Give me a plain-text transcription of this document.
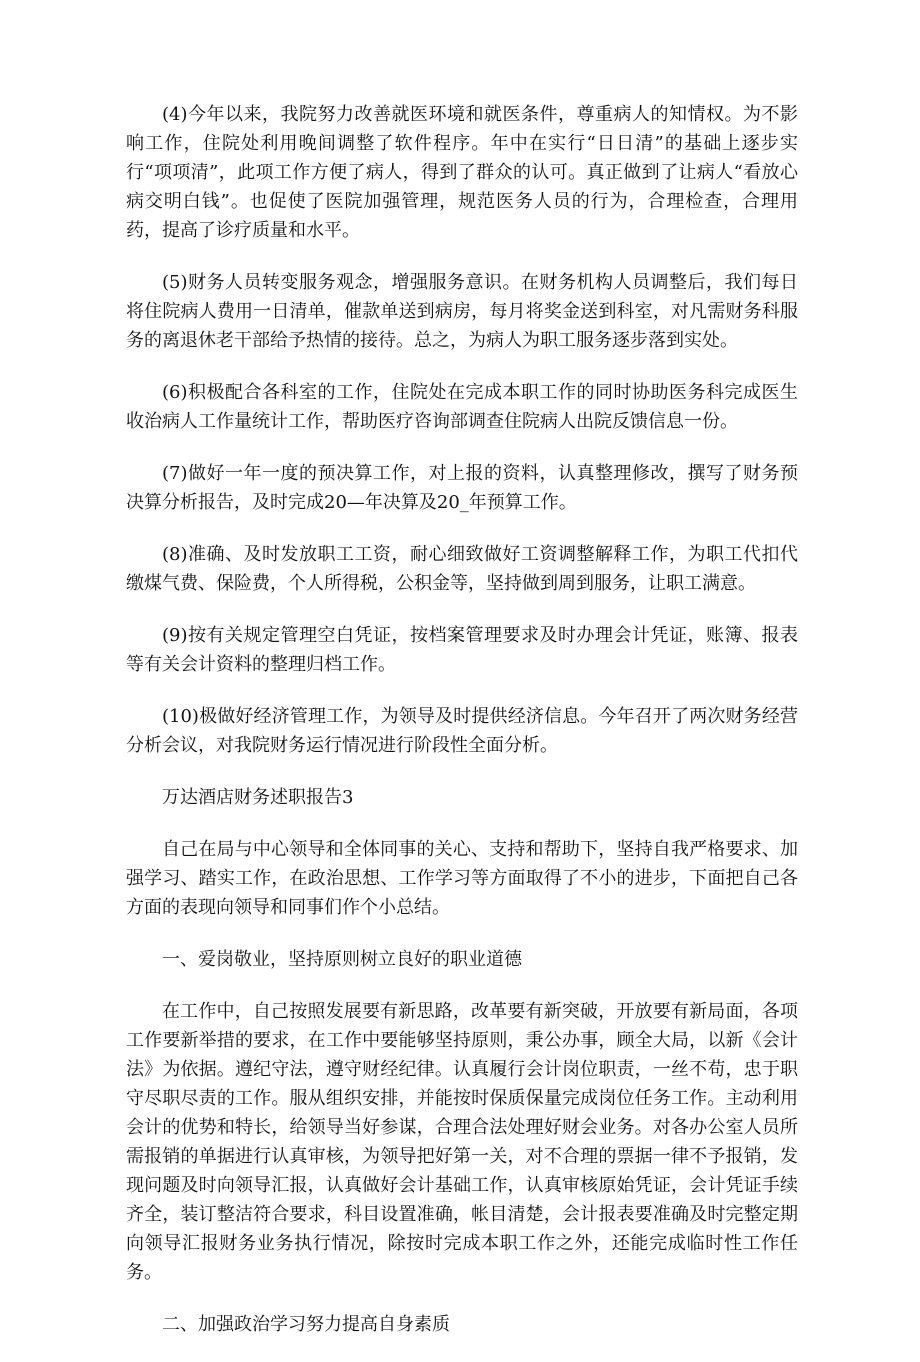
(4)今年以来，我院努力改善就医环境和就医条件，尊重病人的知情权。为不影响工作，住院处利用晚间调整了软件程序。年中在实行“日日清”的基础上逐步实行“项项清”，此项工作方便了病人，得到了群众的认可。真正做到了让病人“看放心病交明白钱”。也促使了医院加强管理，规范医务人员的行为，合理检查，合理用药，提高了诊疗质量和水平。

(5)财务人员转变服务观念，增强服务意识。在财务机构人员调整后，我们每日将住院病人费用一日清单，催款单送到病房，每月将奖金送到科室，对凡需财务科服务的离退休老干部给予热情的接待。总之，为病人为职工服务逐步落到实处。

(6)积极配合各科室的工作，住院处在完成本职工作的同时协助医务科完成医生收治病人工作量统计工作，帮助医疗咨询部调查住院病人出院反馈信息一份。

(7)做好一年一度的预决算工作，对上报的资料，认真整理修改，撰写了财务预决算分析报告，及时完成20—年决算及20_年预算工作。

(8)准确、及时发放职工工资，耐心细致做好工资调整解释工作，为职工代扣代缴煤气费、保险费，个人所得税，公积金等，坚持做到周到服务，让职工满意。

(9)按有关规定管理空白凭证，按档案管理要求及时办理会计凭证，账簿、报表等有关会计资料的整理归档工作。

(10)极做好经济管理工作，为领导及时提供经济信息。今年召开了两次财务经营分析会议，对我院财务运行情况进行阶段性全面分析。

万达酒店财务述职报告3

自己在局与中心领导和全体同事的关心、支持和帮助下，坚持自我严格要求、加强学习、踏实工作，在政治思想、工作学习等方面取得了不小的进步，下面把自己各方面的表现向领导和同事们作个小总结。

一、爱岗敬业，坚持原则树立良好的职业道德

在工作中，自己按照发展要有新思路，改革要有新突破，开放要有新局面，各项工作要新举措的要求，在工作中要能够坚持原则，秉公办事，顾全大局，以新《会计法》为依据。遵纪守法，遵守财经纪律。认真履行会计岗位职责，一丝不苟，忠于职守尽职尽责的工作。服从组织安排，并能按时保质保量完成岗位任务工作。主动利用会计的优势和特长，给领导当好参谋，合理合法处理好财会业务。对各办公室人员所需报销的单据进行认真审核，为领导把好第一关，对不合理的票据一律不予报销，发现问题及时向领导汇报，认真做好会计基础工作，认真审核原始凭证，会计凭证手续齐全，装订整洁符合要求，科目设置准确，帐目清楚，会计报表要准确及时完整定期向领导汇报财务业务执行情况，除按时完成本职工作之外，还能完成临时性工作任务。

二、加强政治学习努力提高自身素质
